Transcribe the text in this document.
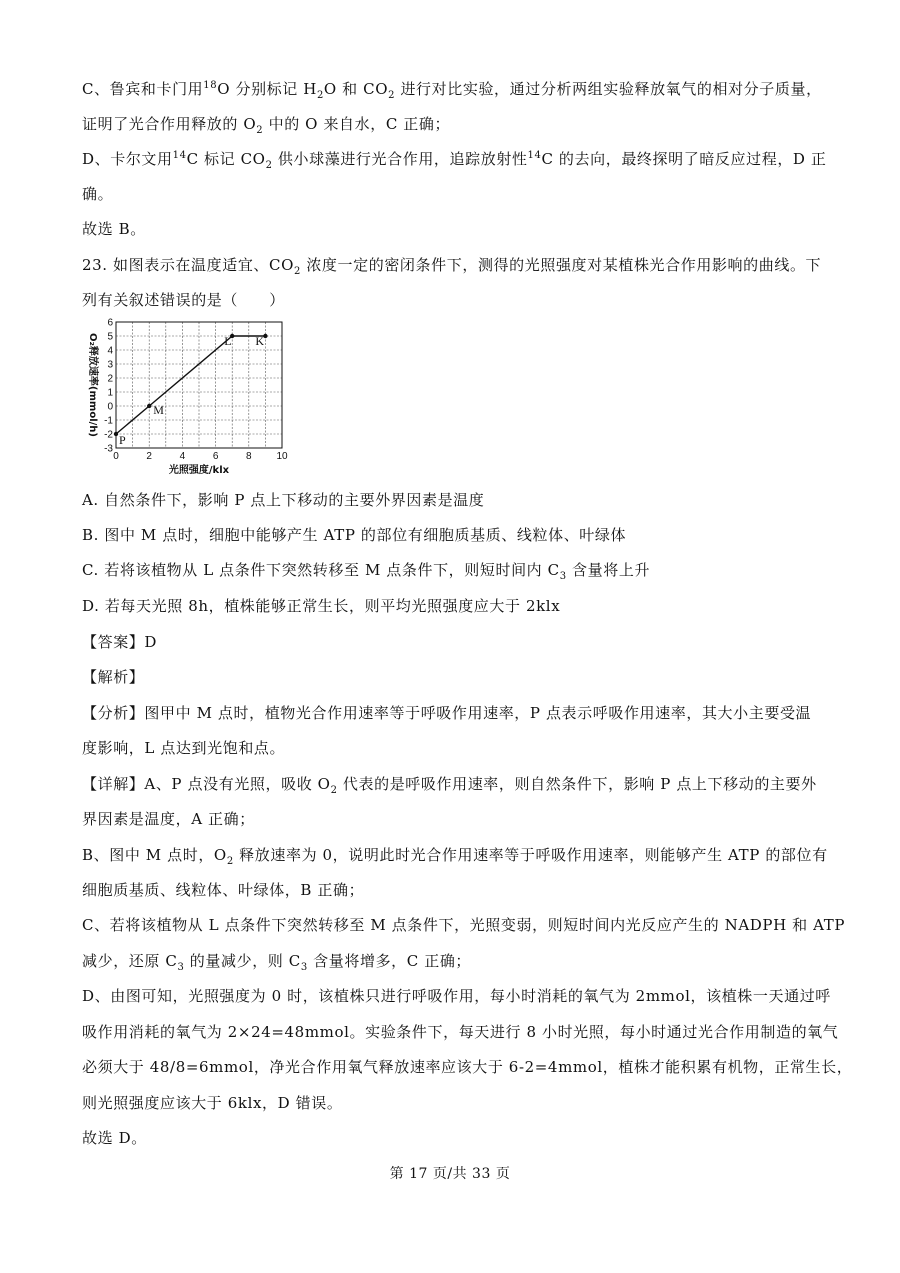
C、鲁宾和卡门用$^{18}$O 分别标记 $H_2O$ 和 $CO_2$ 进行对比实验，通过分析两组实验释放氧气的相对分子质量，
证明了光合作用释放的 $O_2$ 中的 O 来自水，C 正确；
D、卡尔文用$^{14}$C 标记 $CO_2$ 供小球藻进行光合作用，追踪放射性$^{14}$C 的去向，最终探明了暗反应过程，D 正
确。
故选 B。
23. 如图表示在温度适宜、$CO_2$ 浓度一定的密闭条件下，测得的光照强度对某植株光合作用影响的曲线。下
列有关叙述错误的是（　　）
0	2	4	6	8 10
6
5
4
3
2
1
0
-1
-2
-3
P
M
L K
光照强度/klx
O₂释放速率(mmol/h)
A. 自然条件下，影响 P 点上下移动的主要外界因素是温度
B. 图中 M 点时，细胞中能够产生 ATP 的部位有细胞质基质、线粒体、叶绿体
C. 若将该植物从 L 点条件下突然转移至 M 点条件下，则短时间内 $C_3$ 含量将上升
D. 若每天光照 8h，植株能够正常生长，则平均光照强度应大于 2klx
【答案】D
【解析】
【分析】图甲中 M 点时，植物光合作用速率等于呼吸作用速率，P 点表示呼吸作用速率，其大小主要受温
度影响，L 点达到光饱和点。
【详解】A、P 点没有光照，吸收 $O_2$ 代表的是呼吸作用速率，则自然条件下，影响 P 点上下移动的主要外
界因素是温度，A 正确；
B、图中 M 点时，$O_2$ 释放速率为 0，说明此时光合作用速率等于呼吸作用速率，则能够产生 ATP 的部位有
细胞质基质、线粒体、叶绿体，B 正确；
C、若将该植物从 L 点条件下突然转移至 M 点条件下，光照变弱，则短时间内光反应产生的 NADPH 和 ATP
减少，还原 $C_3$ 的量减少，则 $C_3$ 含量将增多，C 正确；
D、由图可知，光照强度为 0 时，该植株只进行呼吸作用，每小时消耗的氧气为 2mmol，该植株一天通过呼
吸作用消耗的氧气为 2×24=48mmol。实验条件下，每天进行 8 小时光照，每小时通过光合作用制造的氧气
必须大于 48/8=6mmol，净光合作用氧气释放速率应该大于 6-2=4mmol，植株才能积累有机物，正常生长，
则光照强度应该大于 6klx，D 错误。
故选 D。
第 17 页/共 33 页
